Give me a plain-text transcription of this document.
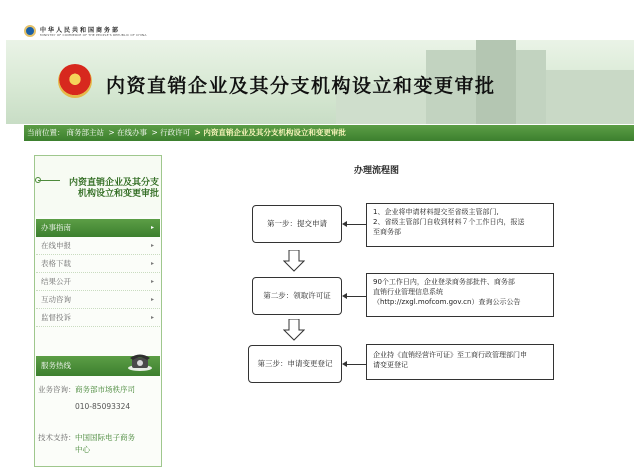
中华人民共和国商务部
MINISTRY OF COMMERCE OF THE PEOPLE'S REPUBLIC OF CHINA
内资直销企业及其分支机构设立和变更审批
当前位置： 商务部主站 > 在线办事 > 行政许可 > 内资直销企业及其分支机构设立和变更审批
内资直销企业及其分支机构设立和变更审批
办事指南	▸
在线申报	▸
表格下载	▸
结果公开	▸
互动咨询	▸
监督投诉	▸
服务热线
业务咨询： 商务部市场秩序司
010-85093324
技术支持： 中国国际电子商务
中心
办理流程图
第一步：提交申请
1、企业将申请材料提交至省级主管部门,
2、省级主管部门自收到材料７个工作日内，报送
至商务部
第二步：领取许可证
90个工作日内，企业登录商务部批件、商务部
直销行业管理信息系统
（http://zxgl.mofcom.gov.cn）查询公示公告
第三步：申请变更登记
企业持《直销经营许可证》至工商行政管理部门申
请变更登记
